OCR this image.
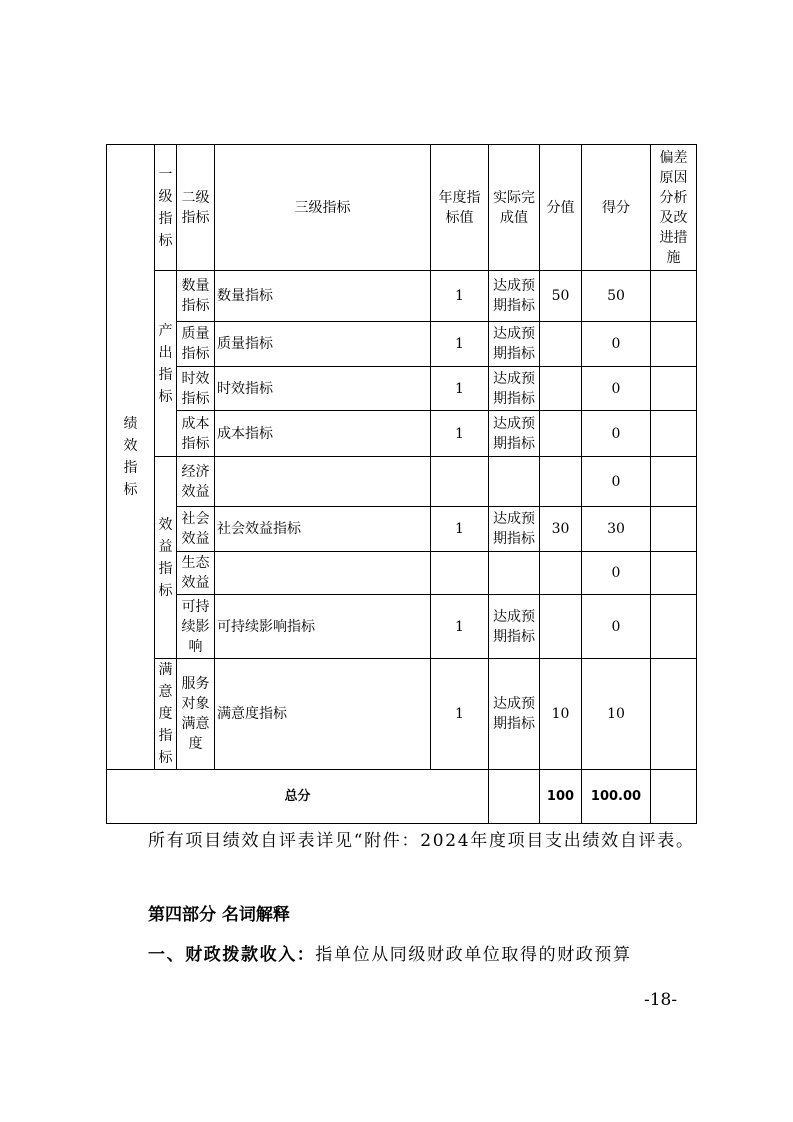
绩效指标	一级指标	二级指标	三级指标	年度指标值	实际完成值	分值	得分	偏差原因分析及改进措施

	产出指标	数量指标	数量指标	1	达成预期指标	50	50	

		质量指标	质量指标	1	达成预期指标		0	

		时效指标	时效指标	1	达成预期指标		0	

		成本指标	成本指标	1	达成预期指标		0	

	效益指标	经济效益					0	

		社会效益	社会效益指标	1	达成预期指标	30	30	

		生态效益					0	

		可持续影响	可持续影响指标	1	达成预期指标		0	

	满意度指标	服务对象满意度	满意度指标	1	达成预期指标	10	10	
总分						100	100.00	
所有项目绩效自评表详见“附件：2024年度项目支出绩效自评表。
第四部分 名词解释
一、财政拨款收入：指单位从同级财政单位取得的财政预算
-18-
